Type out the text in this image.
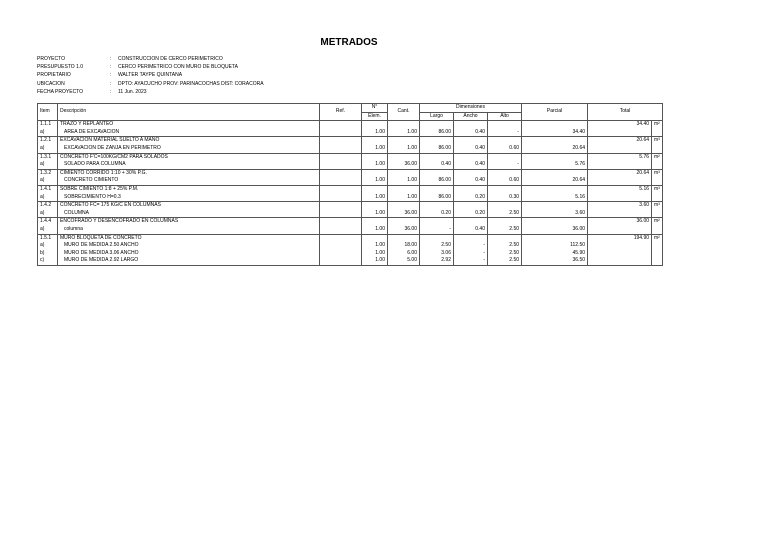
METRADOS
PROYECTO	:	CONSTRUCCION DE CERCO PERIMETRICO
PRESUPUESTO 1.0	:	CERCO PERIMETRICO CON MURO DE BLOQUETA
PROPIETARIO	:	WALTER TAYPE QUINTANA
UBICACION	:	DPTO: AYACUCHO PROV: PARINACOCHAS DIST: CORACORA
FECHA PROYECTO	:	11 Jun. 2023
Item	Descripción	Ref.	N°	Cant.	Dimensiones			Parcial	Total	
			Elem.		Largo	Ancho	Alto			
1.1.1	TRAZO Y REPLANTEO								34.40	m²
a)	AREA DE EXCAVACION		1.00	1.00	86.00	0.40	-	34.40		
1.2.1	EXCAVACION MATERIAL SUELTO A MANO								20.64	m³
a)	EXCAVACION DE ZANJA EN PERIMETRO		1.00	1.00	86.00	0.40	0.60	20.64		
1.3.1	CONCRETO F'C=100KG/CM2 PARA SOLADOS								5.76	m²
a)	SOLADO PARA COLUMNA		1.00	36.00	0.40	0.40	-	5.76		
1.3.2	CIMIENTO CORRIDO 1:10 + 30% P.G.								20.64	m³
a)	CONCRETO CIMIENTO		1.00	1.00	86.00	0.40	0.60	20.64		
1.4.1	SOBRE CIMIENTO 1:8 + 25% P.M.								5.16	m³
a)	SOBRECIMIENTO H=0.3		1.00	1.00	86.00	0.20	0.30	5.16		
1.4.2	CONCRETO FC= 175 KG/C EN COLUMNAS								3.60	m³
a)	COLUMNA		1.00	36.00	0.20	0.20	2.50	3.60		
1.4.4	ENCOFRADO Y DESENCOFRADO EN COLUMNAS								36.00	m²
a)	columna		1.00	36.00	-	0.40	2.50	36.00		
1.5.1	MURO BLOQUETA DE CONCRETO								194.90	m²
a)	MURO DE MEDIDA 2.50 ANCHO		1.00	18.00	2.50	-	2.50	112.50		
b)	MURO DE MEDIDA 3.06 ANCHO		1.00	6.00	3.06	-	2.50	45.90		
c)	MURO DE MEDIDA 2.92 LARGO		1.00	5.00	2.92	-	2.50	36.50		
